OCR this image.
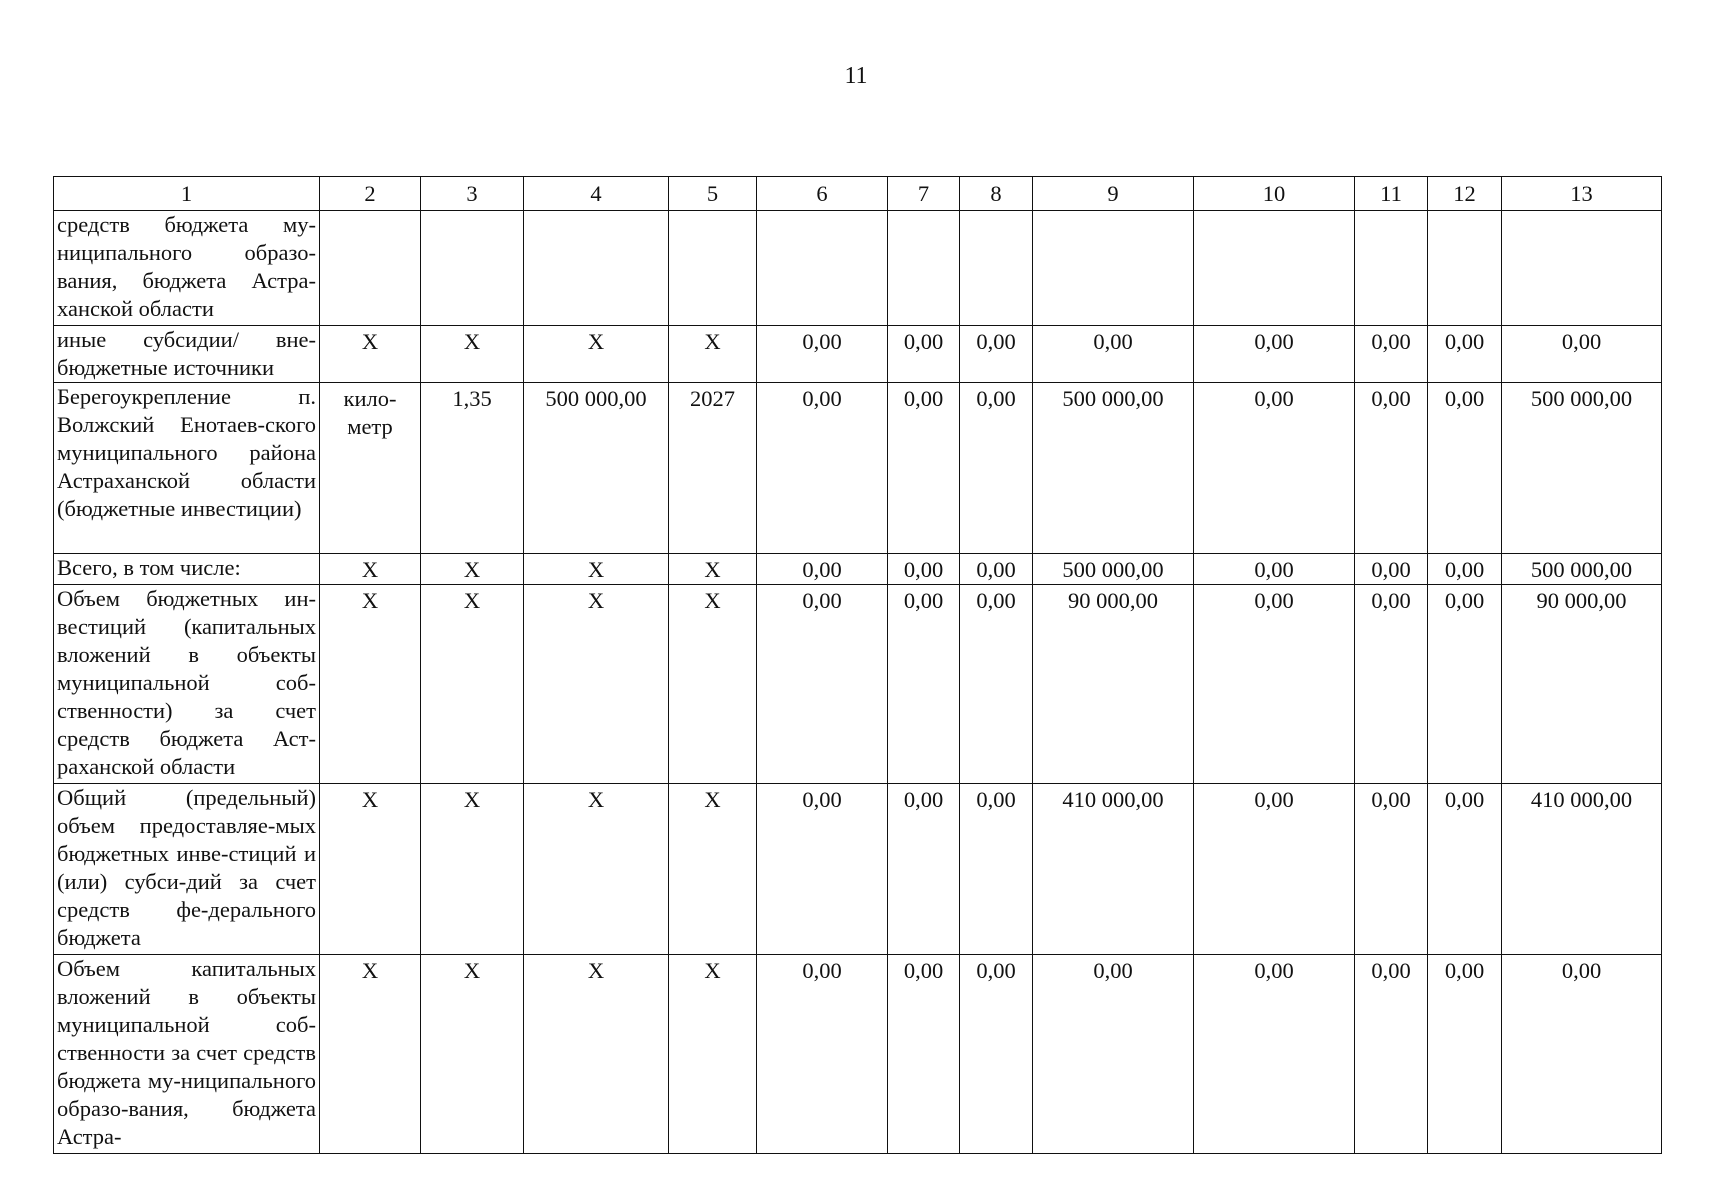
11
1	2	3	4	5	6	7	8	9	10	11	12	13
средств бюджета му-ниципального образо-вания, бюджета Астра-ханской области												
иные субсидии/ вне-бюджетные источники	Х	Х	Х	Х	0,00	0,00	0,00	0,00	0,00	0,00	0,00	0,00
Берегоукрепление п. Волжский Енотаев-ского муниципального района Астраханской области (бюджетные инвестиции)	кило-метр	1,35	500 000,00	2027	0,00	0,00	0,00	500 000,00	0,00	0,00	0,00	500 000,00
Всего, в том числе:	Х	Х	Х	Х	0,00	0,00	0,00	500 000,00	0,00	0,00	0,00	500 000,00
Объем бюджетных ин-вестиций (капитальных вложений в объекты муниципальной соб-ственности) за счет средств бюджета Аст-раханской области	Х	Х	Х	Х	0,00	0,00	0,00	90 000,00	0,00	0,00	0,00	90 000,00
Общий (предельный) объем предоставляе-мых бюджетных инве-стиций и (или) субси-дий за счет средств фе-дерального бюджета	Х	Х	Х	Х	0,00	0,00	0,00	410 000,00	0,00	0,00	0,00	410 000,00
Объем капитальных вложений в объекты муниципальной соб-ственности за счет средств бюджета му-ниципального образо-вания, бюджета Астра-	Х	Х	Х	Х	0,00	0,00	0,00	0,00	0,00	0,00	0,00	0,00
